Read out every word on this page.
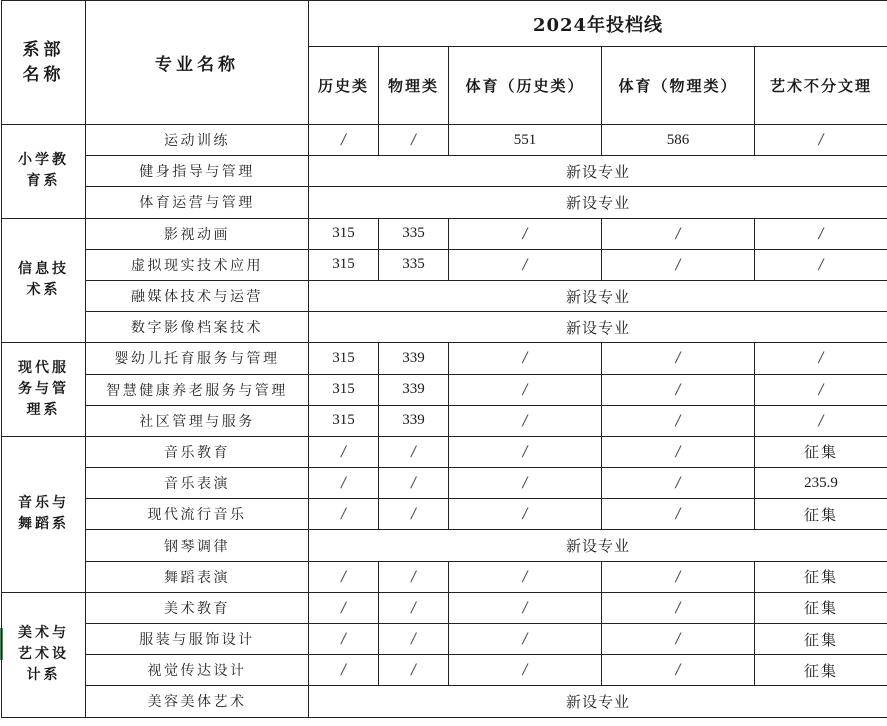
系部名称	专业名称	2024年投档线				
		历史类	物理类	体育（历史类）	体育（物理类）	艺术不分文理

小学教育系	运动训练	/	/	551	586	/
	健身指导与管理	新设专业				
	体育运营与管理	新设专业				

信息技术系	影视动画	315	335	/	/	/
	虚拟现实技术应用	315	335	/	/	/
	融媒体技术与运营	新设专业				
	数字影像档案技术	新设专业				

现代服务与管理系	婴幼儿托育服务与管理	315	339	/	/	/
	智慧健康养老服务与管理	315	339	/	/	/
	社区管理与服务	315	339	/	/	/

音乐与舞蹈系	音乐教育	/	/	/	/	征集
	音乐表演	/	/	/	/	235.9
	现代流行音乐	/	/	/	/	征集
	钢琴调律	新设专业				
	舞蹈表演	/	/	/	/	征集

美术与艺术设计系	美术教育	/	/	/	/	征集
	服装与服饰设计	/	/	/	/	征集
	视觉传达设计	/	/	/	/	征集
	美容美体艺术	新设专业				
